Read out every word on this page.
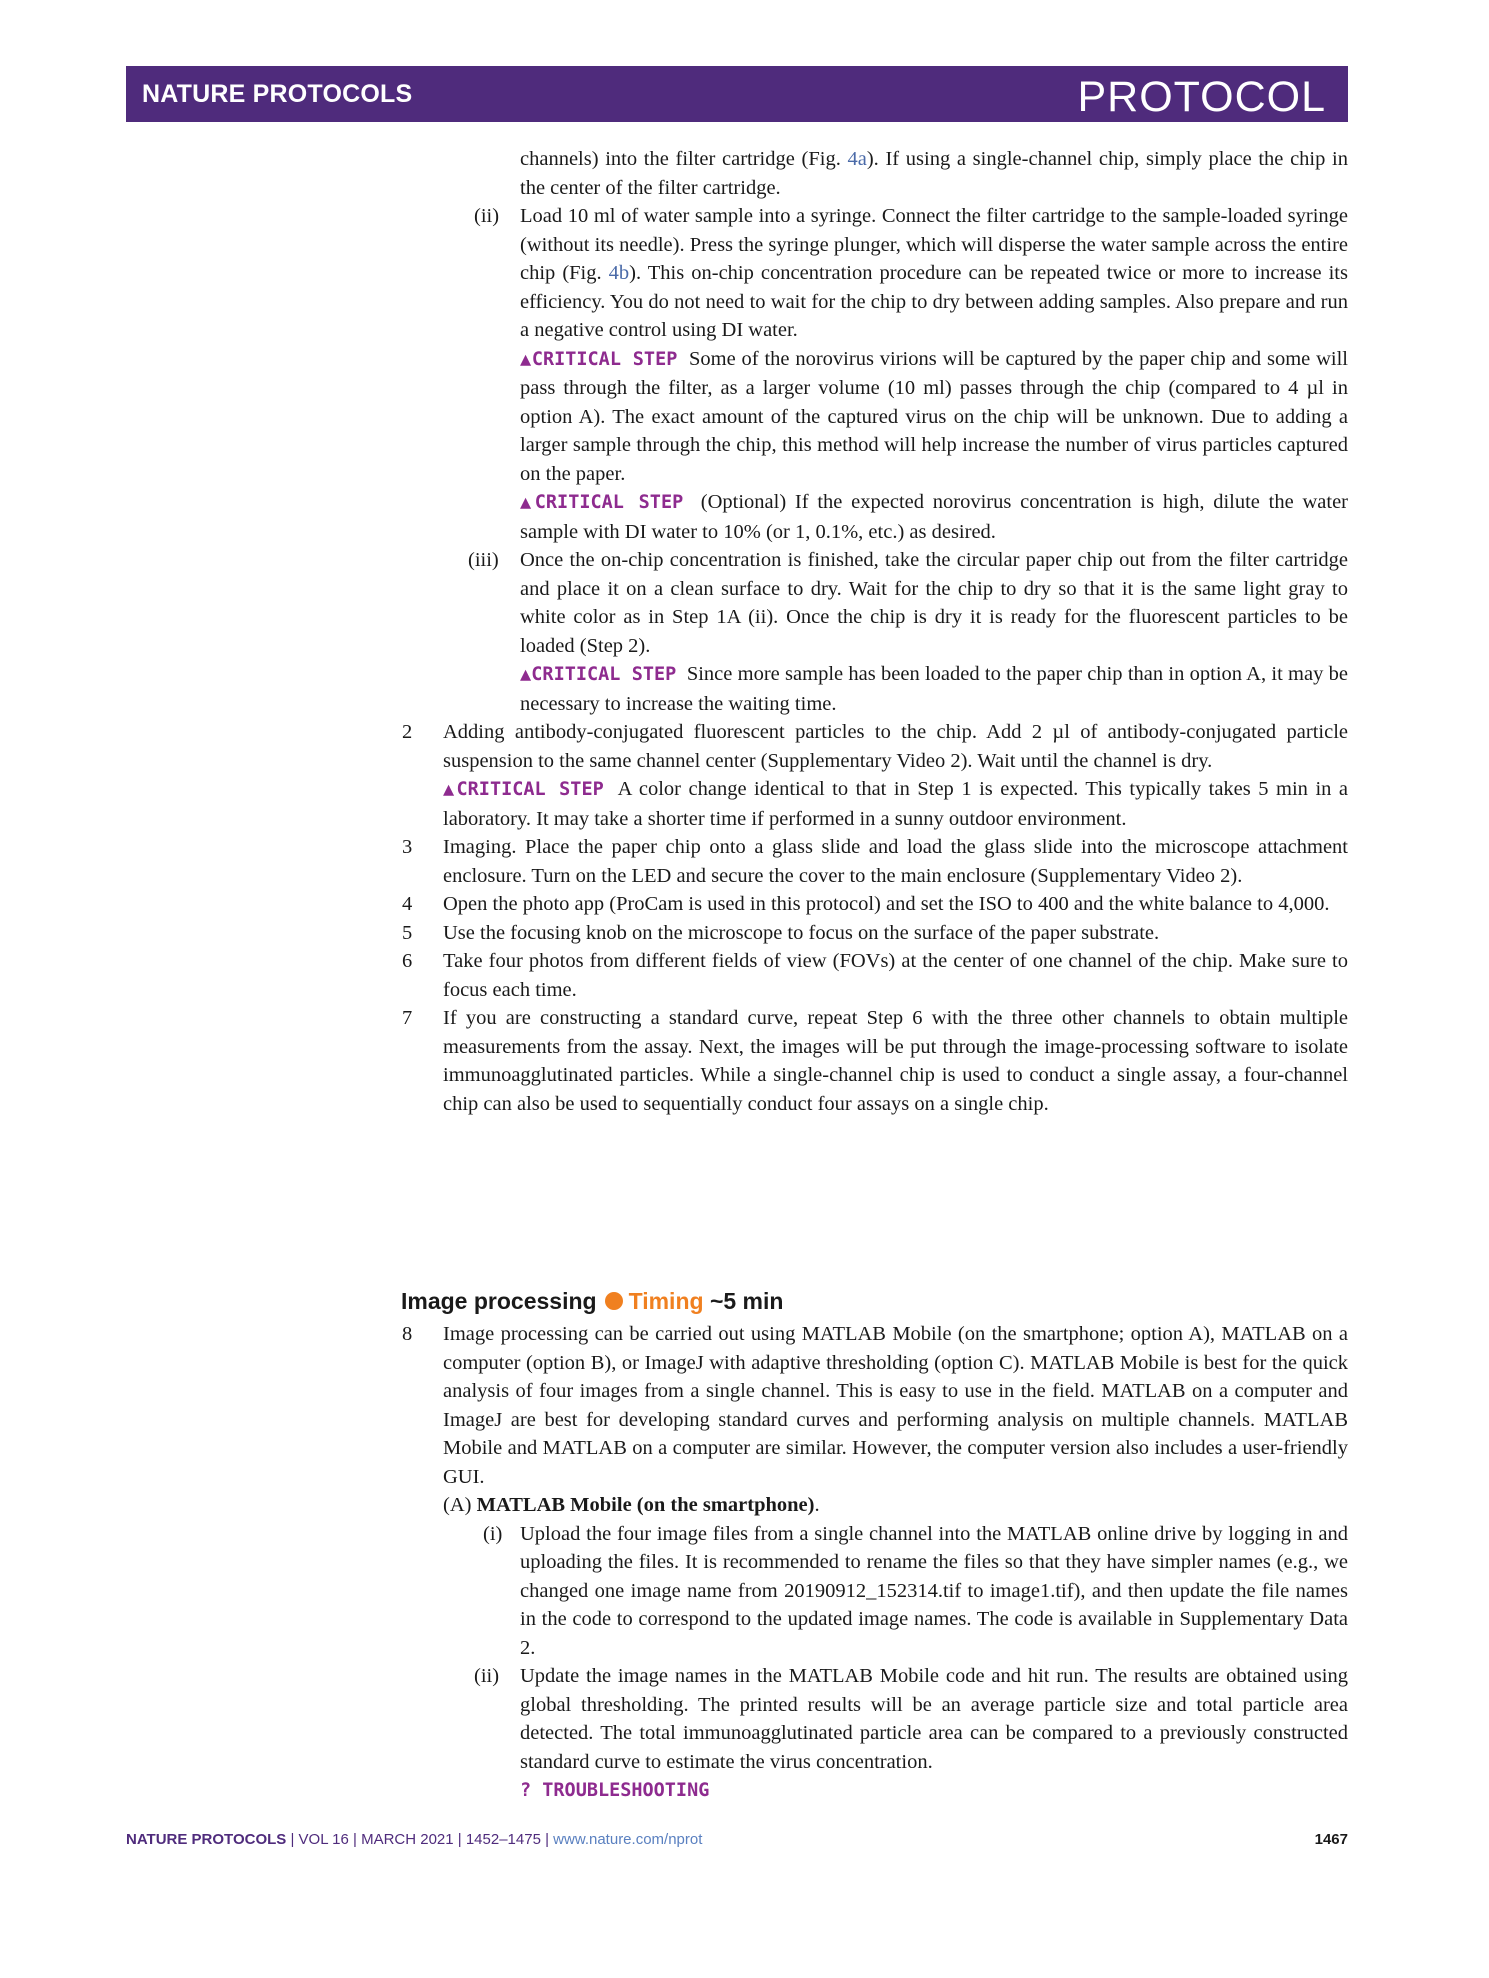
NATURE PROTOCOLS	PROTOCOL

channels) into the filter cartridge (Fig. 4a). If using a single-channel chip, simply place the chip in the center of the filter cartridge.

(ii) Load 10 ml of water sample into a syringe. Connect the filter cartridge to the sample-loaded syringe (without its needle). Press the syringe plunger, which will disperse the water sample across the entire chip (Fig. 4b). This on-chip concentration procedure can be repeated twice or more to increase its efficiency. You do not need to wait for the chip to dry between adding samples. Also prepare and run a negative control using DI water.

▲CRITICAL STEP Some of the norovirus virions will be captured by the paper chip and some will pass through the filter, as a larger volume (10 ml) passes through the chip (compared to 4 µl in option A). The exact amount of the captured virus on the chip will be unknown. Due to adding a larger sample through the chip, this method will help increase the number of virus particles captured on the paper.

▲CRITICAL STEP (Optional) If the expected norovirus concentration is high, dilute the water sample with DI water to 10% (or 1, 0.1%, etc.) as desired.

(iii) Once the on-chip concentration is finished, take the circular paper chip out from the filter cartridge and place it on a clean surface to dry. Wait for the chip to dry so that it is the same light gray to white color as in Step 1A (ii). Once the chip is dry it is ready for the fluorescent particles to be loaded (Step 2).

▲CRITICAL STEP Since more sample has been loaded to the paper chip than in option A, it may be necessary to increase the waiting time.

2 Adding antibody-conjugated fluorescent particles to the chip. Add 2 µl of antibody-conjugated particle suspension to the same channel center (Supplementary Video 2). Wait until the channel is dry.

▲CRITICAL STEP A color change identical to that in Step 1 is expected. This typically takes 5 min in a laboratory. It may take a shorter time if performed in a sunny outdoor environment.

3 Imaging. Place the paper chip onto a glass slide and load the glass slide into the microscope attachment enclosure. Turn on the LED and secure the cover to the main enclosure (Supplementary Video 2).

4 Open the photo app (ProCam is used in this protocol) and set the ISO to 400 and the white balance to 4,000.

5 Use the focusing knob on the microscope to focus on the surface of the paper substrate.

6 Take four photos from different fields of view (FOVs) at the center of one channel of the chip. Make sure to focus each time.

7 If you are constructing a standard curve, repeat Step 6 with the three other channels to obtain multiple measurements from the assay. Next, the images will be put through the image-processing software to isolate immunoagglutinated particles. While a single-channel chip is used to conduct a single assay, a four-channel chip can also be used to sequentially conduct four assays on a single chip.

Image processing Timing ~5 min

8 Image processing can be carried out using MATLAB Mobile (on the smartphone; option A), MATLAB on a computer (option B), or ImageJ with adaptive thresholding (option C). MATLAB Mobile is best for the quick analysis of four images from a single channel. This is easy to use in the field. MATLAB on a computer and ImageJ are best for developing standard curves and performing analysis on multiple channels. MATLAB Mobile and MATLAB on a computer are similar. However, the computer version also includes a user-friendly GUI.

(A) MATLAB Mobile (on the smartphone).

(i) Upload the four image files from a single channel into the MATLAB online drive by logging in and uploading the files. It is recommended to rename the files so that they have simpler names (e.g., we changed one image name from 20190912_152314.tif to image1.tif), and then update the file names in the code to correspond to the updated image names. The code is available in Supplementary Data 2.

(ii) Update the image names in the MATLAB Mobile code and hit run. The results are obtained using global thresholding. The printed results will be an average particle size and total particle area detected. The total immunoagglutinated particle area can be compared to a previously constructed standard curve to estimate the virus concentration.

? TROUBLESHOOTING

NATURE PROTOCOLS | VOL 16 | MARCH 2021 | 1452–1475 | www.nature.com/nprot	1467
